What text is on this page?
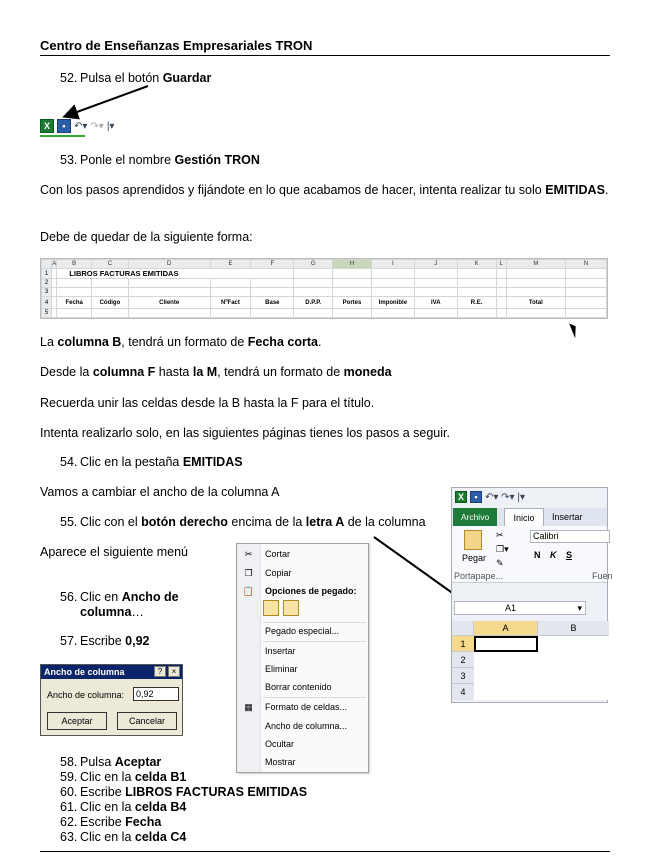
Centro de Enseñanzas Empresariales TRON
52. Pulsa el botón Guardar
X	▪ ↶▾ ↷▾ |▾
53. Ponle el nombre Gestión TRON
Con los pasos aprendidos y fijándote en lo que acabamos de hacer, intenta realizar tu solo EMITIDAS.
Debe de quedar de la siguiente forma:
	A	B	C	D	E	F	G	H	I	J	K	L	M	N
1		LIBROS FACTURAS EMITIDAS												
2														
3														
4		Fecha	Código	Cliente	NºFact	Base	D.P.P.	Portes	Imponible	IVA	R.E.		Total	
5														
La columna B, tendrá un formato de Fecha corta.
Desde la columna F hasta la M, tendrá un formato de moneda
Recuerda unir las celdas desde la B hasta la F para el título.
Intenta realizarlo solo, en las siguientes páginas tienes los pasos a seguir.
54. Clic en la pestaña EMITIDAS
Vamos a cambiar el ancho de la columna A
55. Clic con el botón derecho encima de la letra A de la columna
Aparece el siguiente menú
56. Clic en Ancho de
columna…
57. Escribe 0,92
✂	Cortar
❐ Copiar
📋 Opciones de pegado:
Pegado especial...
Insertar
Eliminar
Borrar contenido
▦ Formato de celdas...
Ancho de columna...
Ocultar
Mostrar
X	▪ ↶▾ ↷▾ |▾
Archivo	Inicio	Insertar
Pegar
✂
❐▾
✎
Portapape...
Calibri
N K S
Fuen
A1	▾
A	B
1
2
3
4
Ancho de columna	?	×
Ancho de columna:
0,92
Aceptar	Cancelar
58. Pulsa Aceptar
59. Clic en la celda B1
60. Escribe LIBROS FACTURAS EMITIDAS
61. Clic en la celda B4
62. Escribe Fecha
63. Clic en la celda C4
